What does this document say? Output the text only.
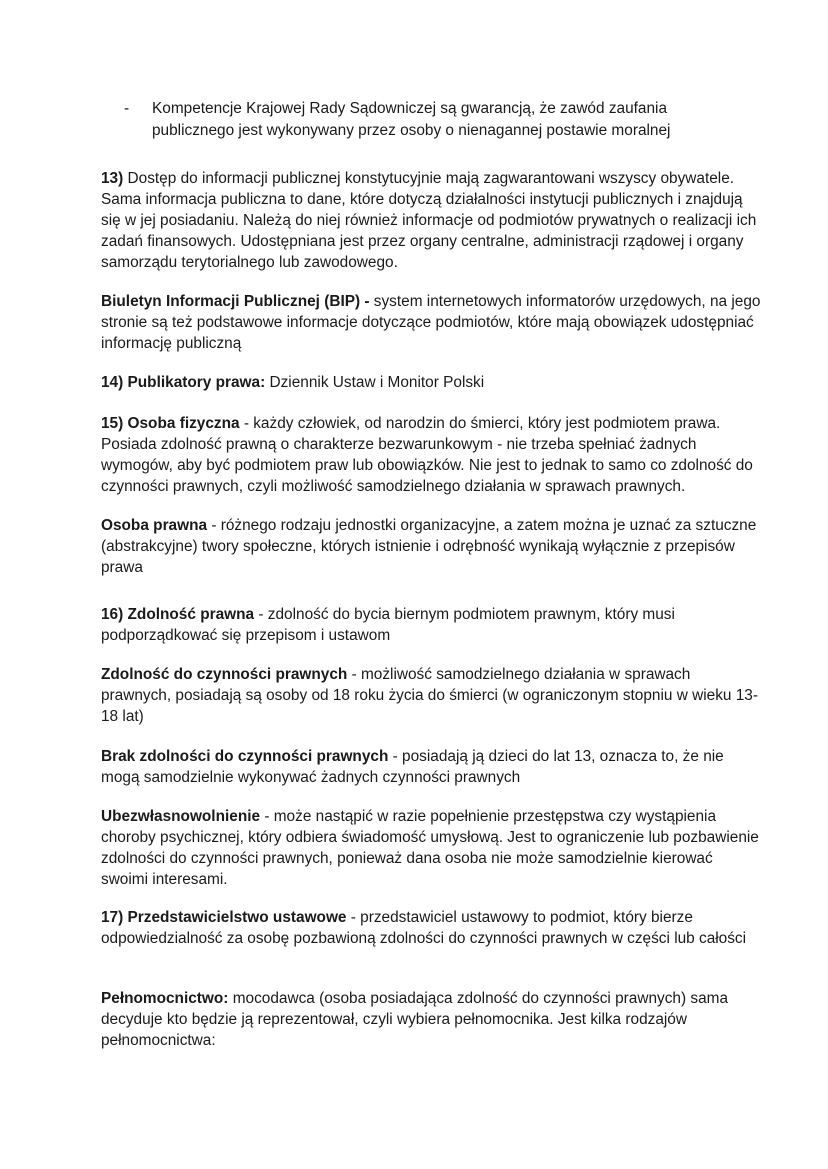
- Kompetencje Krajowej Rady Sądowniczej są gwarancją, że zawód zaufania publicznego jest wykonywany przez osoby o nienagannej postawie moralnej

13) Dostęp do informacji publicznej konstytucyjnie mają zagwarantowani wszyscy obywatele. Sama informacja publiczna to dane, które dotyczą działalności instytucji publicznych i znajdują się w jej posiadaniu. Należą do niej również informacje od podmiotów prywatnych o realizacji ich zadań finansowych. Udostępniana jest przez organy centralne, administracji rządowej i organy samorządu terytorialnego lub zawodowego.

Biuletyn Informacji Publicznej (BIP) - system internetowych informatorów urzędowych, na jego stronie są też podstawowe informacje dotyczące podmiotów, które mają obowiązek udostępniać informację publiczną

14) Publikatory prawa: Dziennik Ustaw i Monitor Polski

15) Osoba fizyczna - każdy człowiek, od narodzin do śmierci, który jest podmiotem prawa. Posiada zdolność prawną o charakterze bezwarunkowym - nie trzeba spełniać żadnych wymogów, aby być podmiotem praw lub obowiązków. Nie jest to jednak to samo co zdolność do czynności prawnych, czyli możliwość samodzielnego działania w sprawach prawnych.

Osoba prawna - różnego rodzaju jednostki organizacyjne, a zatem można je uznać za sztuczne (abstrakcyjne) twory społeczne, których istnienie i odrębność wynikają wyłącznie z przepisów prawa

16) Zdolność prawna - zdolność do bycia biernym podmiotem prawnym, który musi podporządkować się przepisom i ustawom

Zdolność do czynności prawnych - możliwość samodzielnego działania w sprawach prawnych, posiadają są osoby od 18 roku życia do śmierci (w ograniczonym stopniu w wieku 13-18 lat)

Brak zdolności do czynności prawnych - posiadają ją dzieci do lat 13, oznacza to, że nie mogą samodzielnie wykonywać żadnych czynności prawnych

Ubezwłasnowolnienie - może nastąpić w razie popełnienie przestępstwa czy wystąpienia choroby psychicznej, który odbiera świadomość umysłową. Jest to ograniczenie lub pozbawienie zdolności do czynności prawnych, ponieważ dana osoba nie może samodzielnie kierować swoimi interesami.

17) Przedstawicielstwo ustawowe - przedstawiciel ustawowy to podmiot, który bierze odpowiedzialność za osobę pozbawioną zdolności do czynności prawnych w części lub całości

Pełnomocnictwo: mocodawca (osoba posiadająca zdolność do czynności prawnych) sama decyduje kto będzie ją reprezentował, czyli wybiera pełnomocnika. Jest kilka rodzajów pełnomocnictwa:
